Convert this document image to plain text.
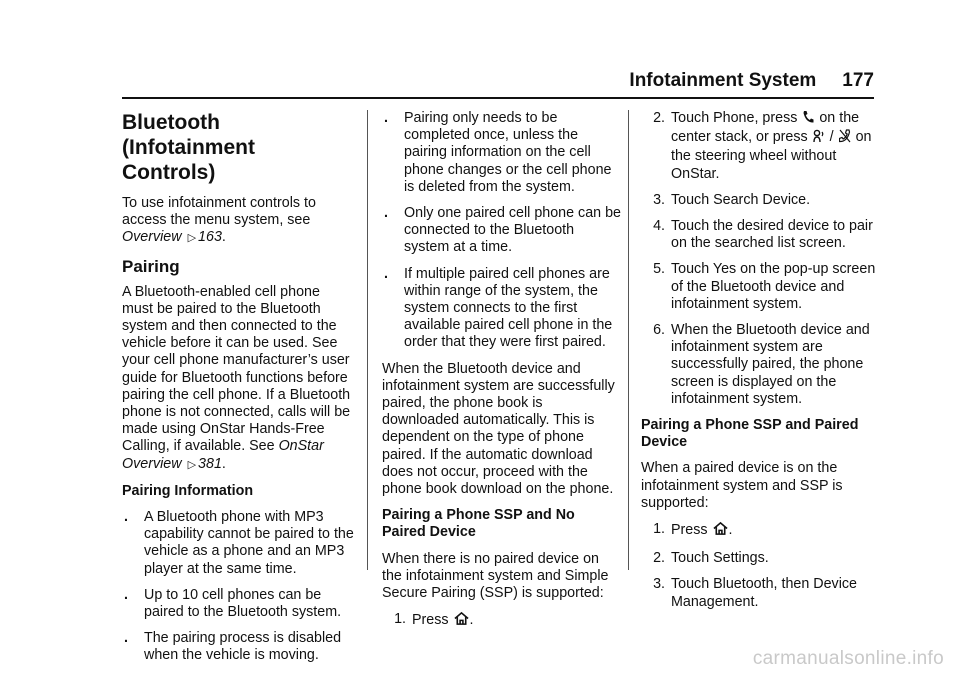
Infotainment System 177
Bluetooth (Infotainment Controls)

To use infotainment controls to access the menu system, see Overview ▷ 163.

Pairing

A Bluetooth-enabled cell phone must be paired to the Bluetooth system and then connected to the vehicle before it can be used. See your cell phone manufacturer’s user guide for Bluetooth functions before pairing the cell phone. If a Bluetooth phone is not connected, calls will be made using OnStar Hands-Free Calling, if available. See OnStar Overview ▷ 381.

Pairing Information
. A Bluetooth phone with MP3 capability cannot be paired to the vehicle as a phone and an MP3 player at the same time.
. Up to 10 cell phones can be paired to the Bluetooth system.
. The pairing process is disabled when the vehicle is moving.
. Pairing only needs to be completed once, unless the pairing information on the cell phone changes or the cell phone is deleted from the system.
. Only one paired cell phone can be connected to the Bluetooth system at a time.
. If multiple paired cell phones are within range of the system, the system connects to the first available paired cell phone in the order that they were first paired.

When the Bluetooth device and infotainment system are successfully paired, the phone book is downloaded automatically. This is dependent on the type of phone paired. If the automatic download does not occur, proceed with the phone book download on the phone.

Pairing a Phone SSP and No Paired Device

When there is no paired device on the infotainment system and Simple Secure Pairing (SSP) is supported:

1. Press .
2. Touch Phone, press on the center stack, or press  /  on the steering wheel without OnStar.
3. Touch Search Device.
4. Touch the desired device to pair on the searched list screen.
5. Touch Yes on the pop-up screen of the Bluetooth device and infotainment system.
6. When the Bluetooth device and infotainment system are successfully paired, the phone screen is displayed on the infotainment system.
Pairing a Phone SSP and Paired Device

When a paired device is on the infotainment system and SSP is supported:

1. Press .
2. Touch Settings.
3. Touch Bluetooth, then Device Management.
carmanualsonline.info
